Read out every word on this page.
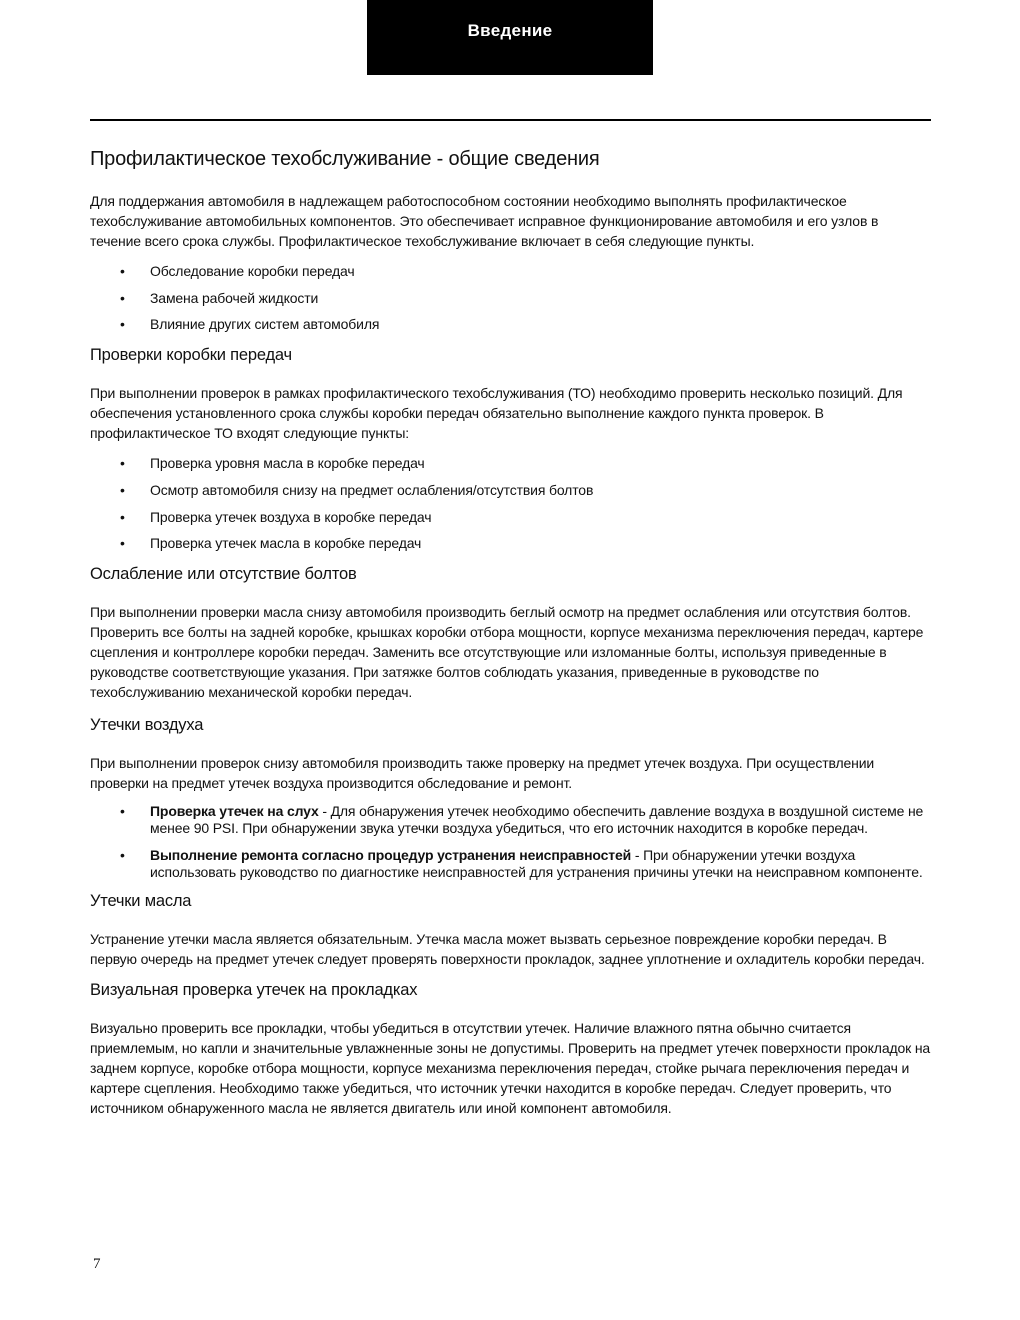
Введение
Профилактическое техобслуживание - общие сведения

Для поддержания автомобиля в надлежащем работоспособном состоянии необходимо выполнять профилактическое техобслуживание автомобильных компонентов. Это обеспечивает исправное функционирование автомобиля и его узлов в течение всего срока службы. Профилактическое техобслуживание включает в себя следующие пункты.

• Обследование коробки передач
• Замена рабочей жидкости
• Влияние других систем автомобиля
Проверки коробки передач

При выполнении проверок в рамках профилактического техобслуживания (ТО) необходимо проверить несколько позиций. Для обеспечения установленного срока службы коробки передач обязательно выполнение каждого пункта проверок. В профилактическое ТО входят следующие пункты:

• Проверка уровня масла в коробке передач
• Осмотр автомобиля снизу на предмет ослабления/отсутствия болтов
• Проверка утечек воздуха в коробке передач
• Проверка утечек масла в коробке передач
Ослабление или отсутствие болтов

При выполнении проверки масла снизу автомобиля производить беглый осмотр на предмет ослабления или отсутствия болтов. Проверить все болты на задней коробке, крышках коробки отбора мощности, корпусе механизма переключения передач, картере сцепления и контроллере коробки передач. Заменить все отсутствующие или изломанные болты, используя приведенные в руководстве соответствующие указания. При затяжке болтов соблюдать указания, приведенные в руководстве по техобслуживанию механической коробки передач.

Утечки воздуха

При выполнении проверок снизу автомобиля производить также проверку на предмет утечек воздуха. При осуществлении проверки на предмет утечек воздуха производится обследование и ремонт.

• Проверка утечек на слух - Для обнаружения утечек необходимо обеспечить давление воздуха в воздушной системе не менее 90 PSI. При обнаружении звука утечки воздуха убедиться, что его источник находится в коробке передач.
• Выполнение ремонта согласно процедур устранения неисправностей - При обнаружении утечки воздуха использовать руководство по диагностике неисправностей для устранения причины утечки на неисправном компоненте.
Утечки масла

Устранение утечки масла является обязательным. Утечка масла может вызвать серьезное повреждение коробки передач. В первую очередь на предмет утечек следует проверять поверхности прокладок, заднее уплотнение и охладитель коробки передач.

Визуальная проверка утечек на прокладках

Визуально проверить все прокладки, чтобы убедиться в отсутствии утечек. Наличие влажного пятна обычно считается приемлемым, но капли и значительные увлажненные зоны не допустимы. Проверить на предмет утечек поверхности прокладок на заднем корпусе, коробке отбора мощности, корпусе механизма переключения передач, стойке рычага переключения передач и картере сцепления. Необходимо также убедиться, что источник утечки находится в коробке передач. Следует проверить, что источником обнаруженного масла не является двигатель или иной компонент автомобиля.

7
